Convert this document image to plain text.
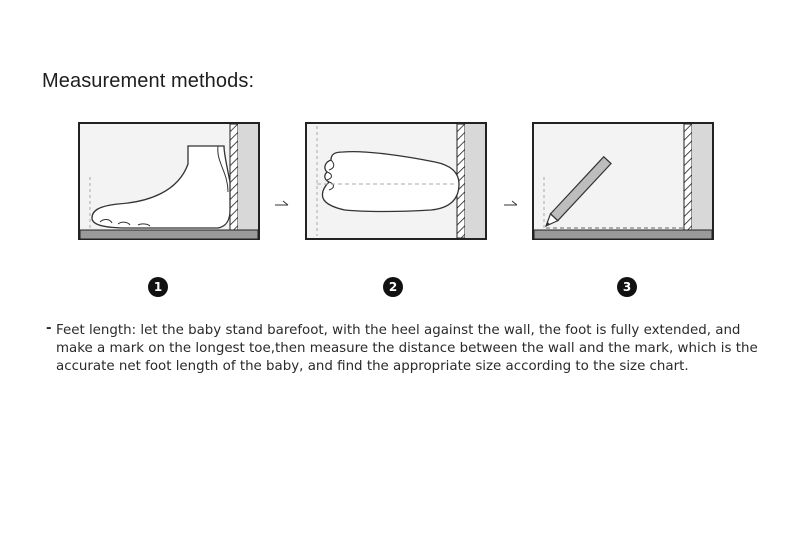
Measurement methods:
1	2	3
- Feet length: let the baby stand barefoot, with the heel against the wall, the foot is fully extended, and make a mark on the longest toe,then measure the distance between the wall and the mark, which is the accurate net foot length of the baby, and find the appropriate size according to the size chart.
